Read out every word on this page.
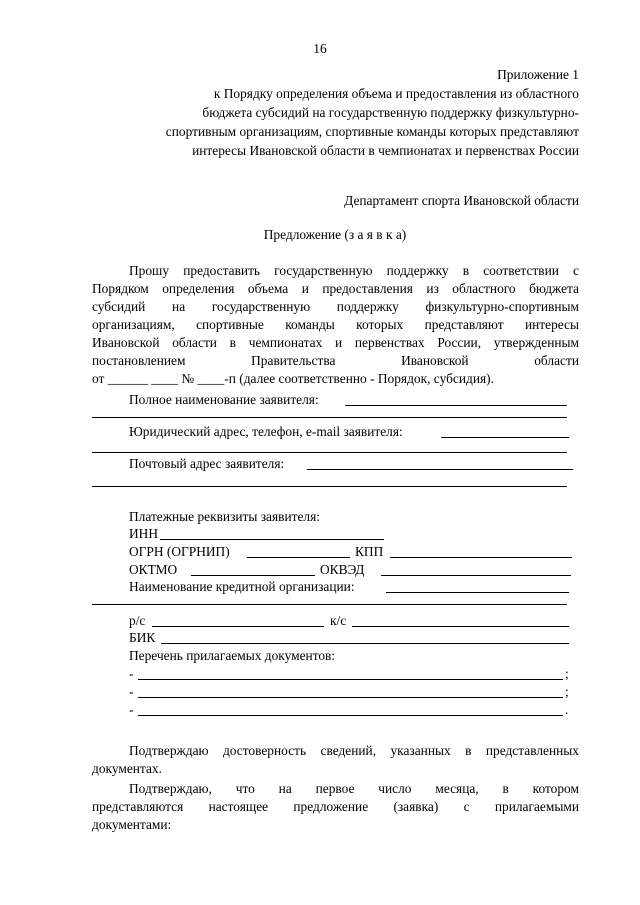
16
Приложение 1
к Порядку определения объема и предоставления из областного
бюджета субсидий на государственную поддержку физкультурно-
спортивным организациям, спортивные команды которых представляют
интересы Ивановской области в чемпионатах и первенствах России
Департамент спорта Ивановской области
Предложение (з а я в к а)
Прошу предоставить государственную поддержку в соответствии с
Порядком определения объема и предоставления из областного бюджета
субсидий на государственную поддержку физкультурно-спортивным
организациям, спортивные команды которых представляют интересы
Ивановской области в чемпионатах и первенствах России, утвержденным
постановлением	Правительства	Ивановской	области
от ______ ____ № ____-п (далее соответственно - Порядок, субсидия).
Полное наименование заявителя:
Юридический адрес, телефон, e-mail заявителя:
Почтовый адрес заявителя:
Платежные реквизиты заявителя:
ИНН
ОГРН (ОГРНИП)	КПП
ОКТМО	ОКВЭД
Наименование кредитной организации:
р/с	к/с
БИК
Перечень прилагаемых документов:
-	;
-	;
-	.
Подтверждаю достоверность сведений, указанных в представленных
документах.
Подтверждаю, что на первое число месяца, в котором
представляются настоящее предложение (заявка) с прилагаемыми
документами:
